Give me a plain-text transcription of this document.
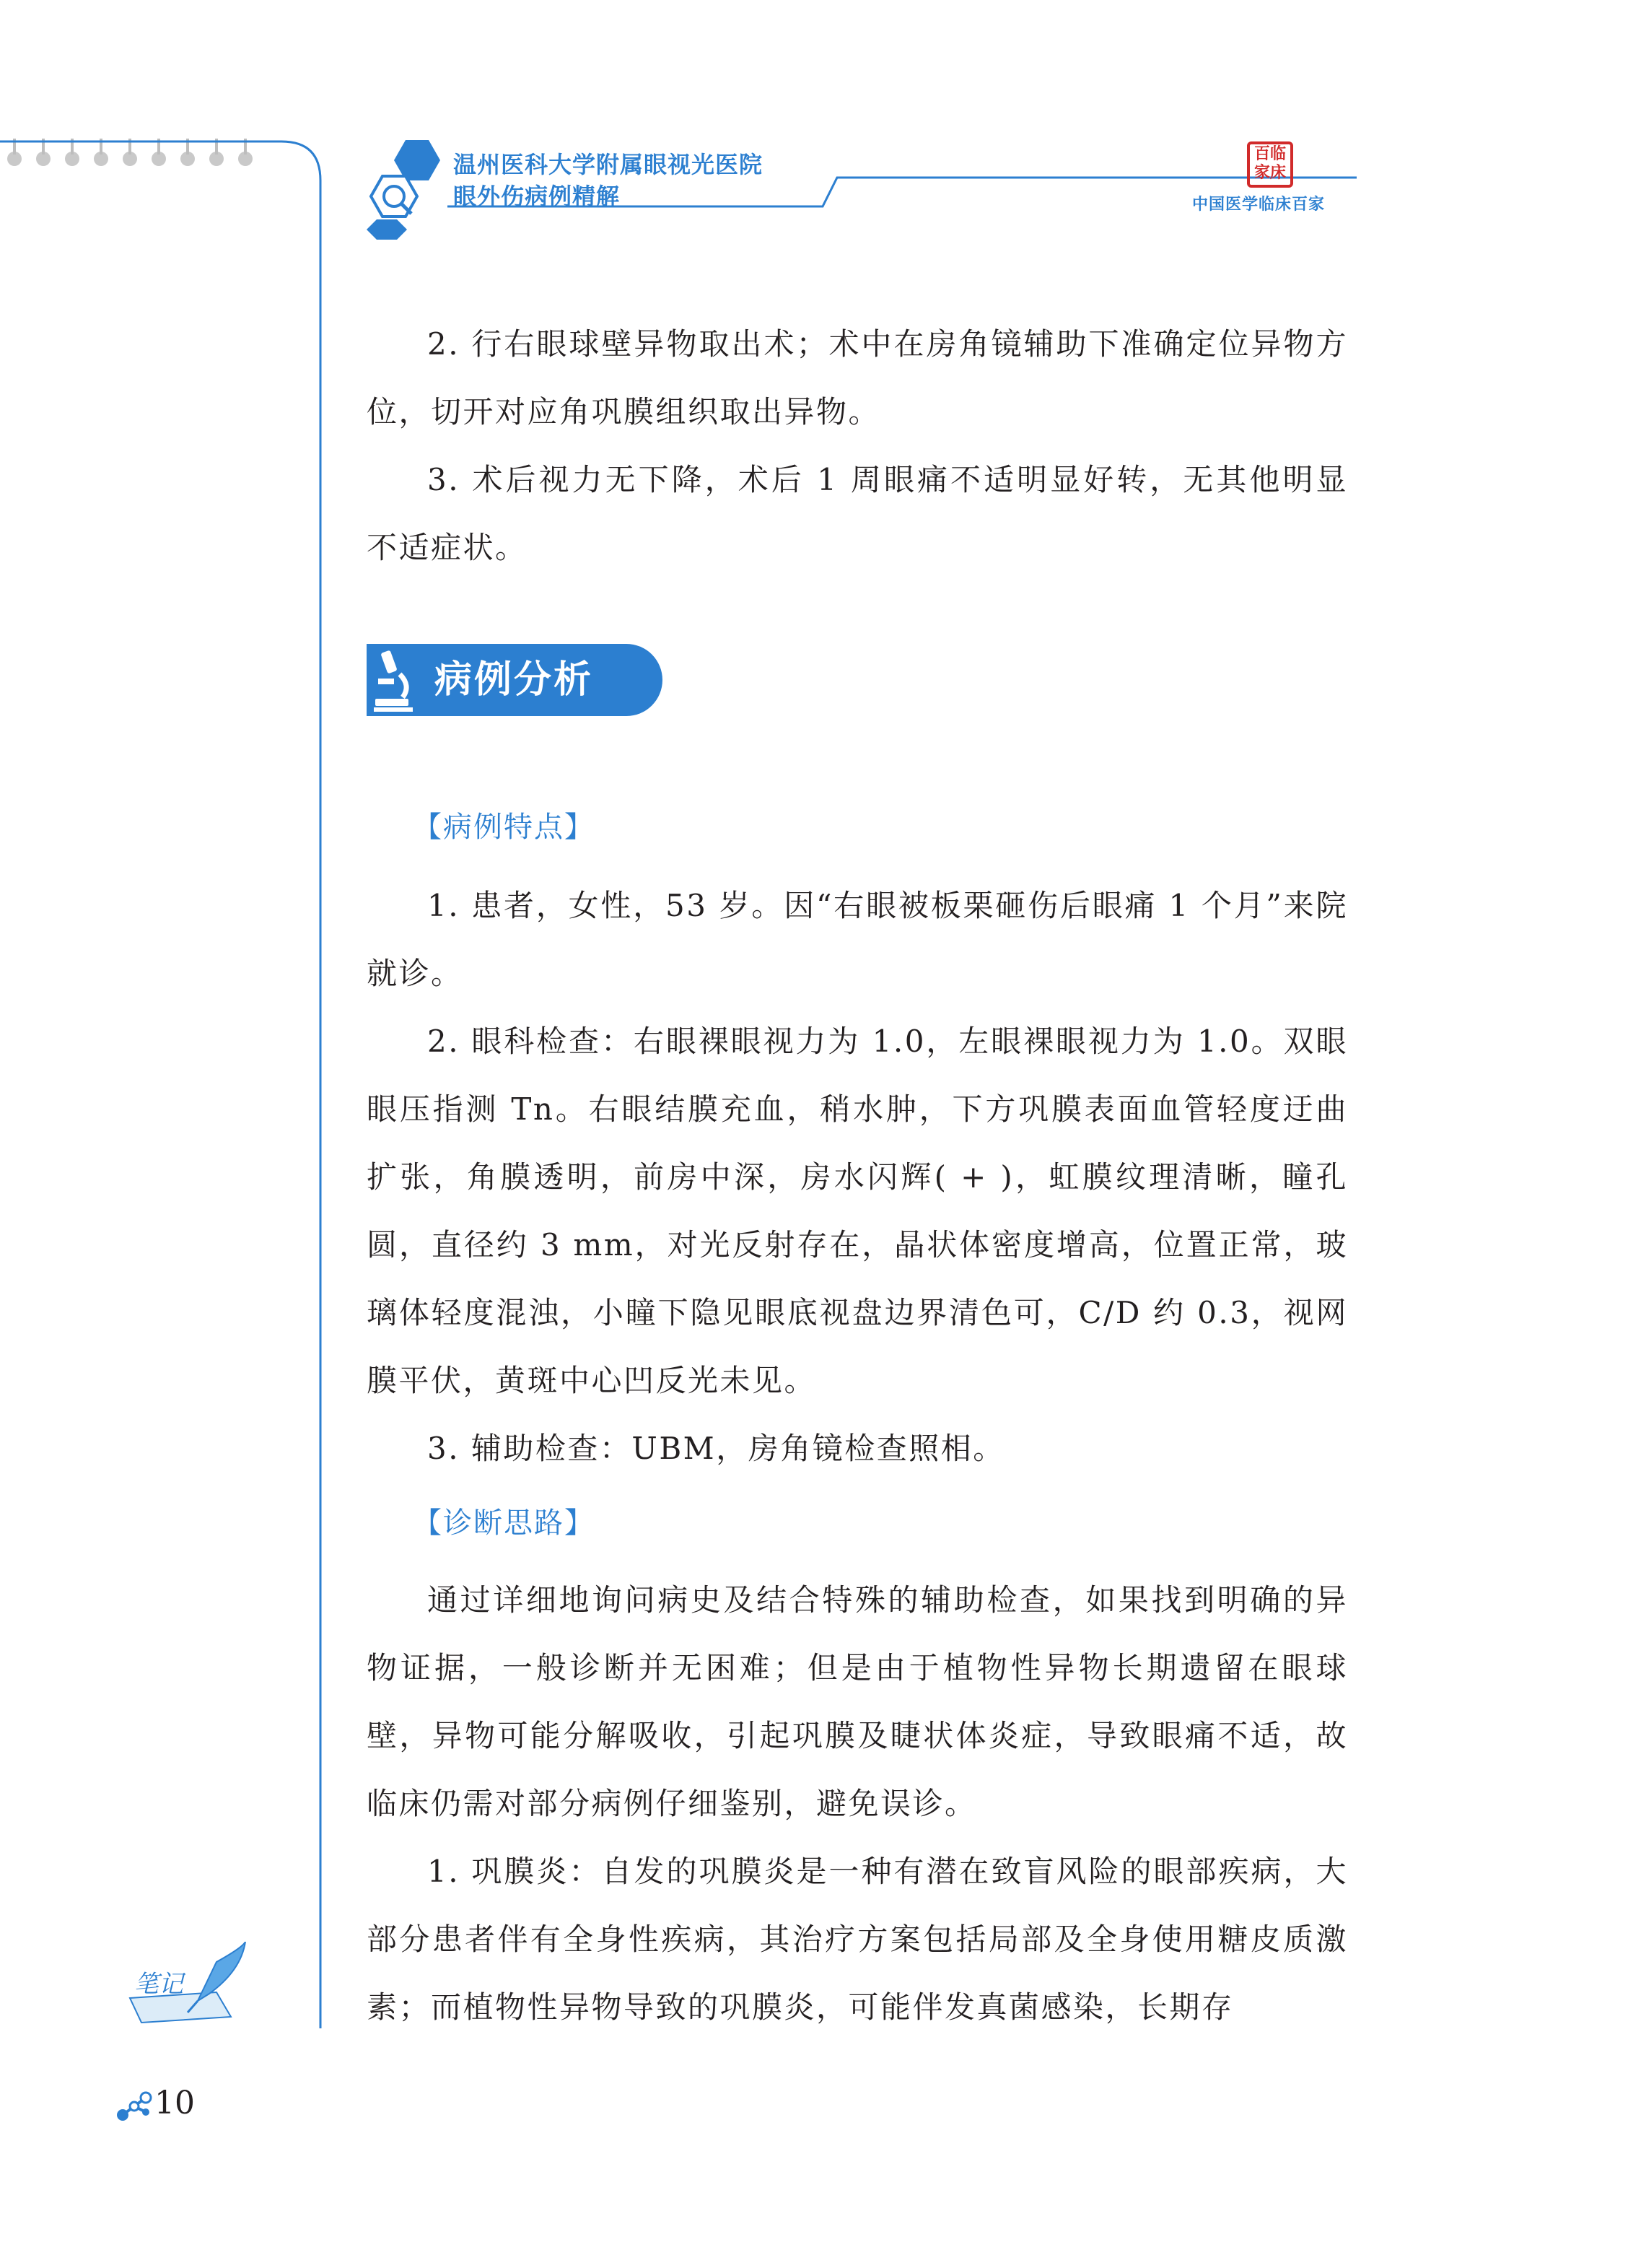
温州医科大学附属眼视光医院
眼外伤病例精解
百临家床
中国医学临床百家

2. 行右眼球壁异物取出术；术中在房角镜辅助下准确定位异物方位，切开对应角巩膜组织取出异物。

3. 术后视力无下降，术后 1 周眼痛不适明显好转，无其他明显不适症状。

病例分析
【病例特点】

1. 患者，女性，53 岁。因“右眼被板栗砸伤后眼痛 1 个月”来院就诊。

2. 眼科检查：右眼裸眼视力为 1.0，左眼裸眼视力为 1.0。双眼眼压指测 Tn。右眼结膜充血，稍水肿，下方巩膜表面血管轻度迂曲扩张，角膜透明，前房中深，房水闪辉( + )，虹膜纹理清晰，瞳孔圆，直径约 3 mm，对光反射存在，晶状体密度增高，位置正常，玻璃体轻度混浊，小瞳下隐见眼底视盘边界清色可，C/D 约 0.3，视网膜平伏，黄斑中心凹反光未见。

3. 辅助检查：UBM，房角镜检查照相。

【诊断思路】

通过详细地询问病史及结合特殊的辅助检查，如果找到明确的异物证据，一般诊断并无困难；但是由于植物性异物长期遗留在眼球壁，异物可能分解吸收，引起巩膜及睫状体炎症，导致眼痛不适，故临床仍需对部分病例仔细鉴别，避免误诊。

1. 巩膜炎：自发的巩膜炎是一种有潜在致盲风险的眼部疾病，大部分患者伴有全身性疾病，其治疗方案包括局部及全身使用糖皮质激素；而植物性异物导致的巩膜炎，可能伴发真菌感染，长期存

笔记
10
